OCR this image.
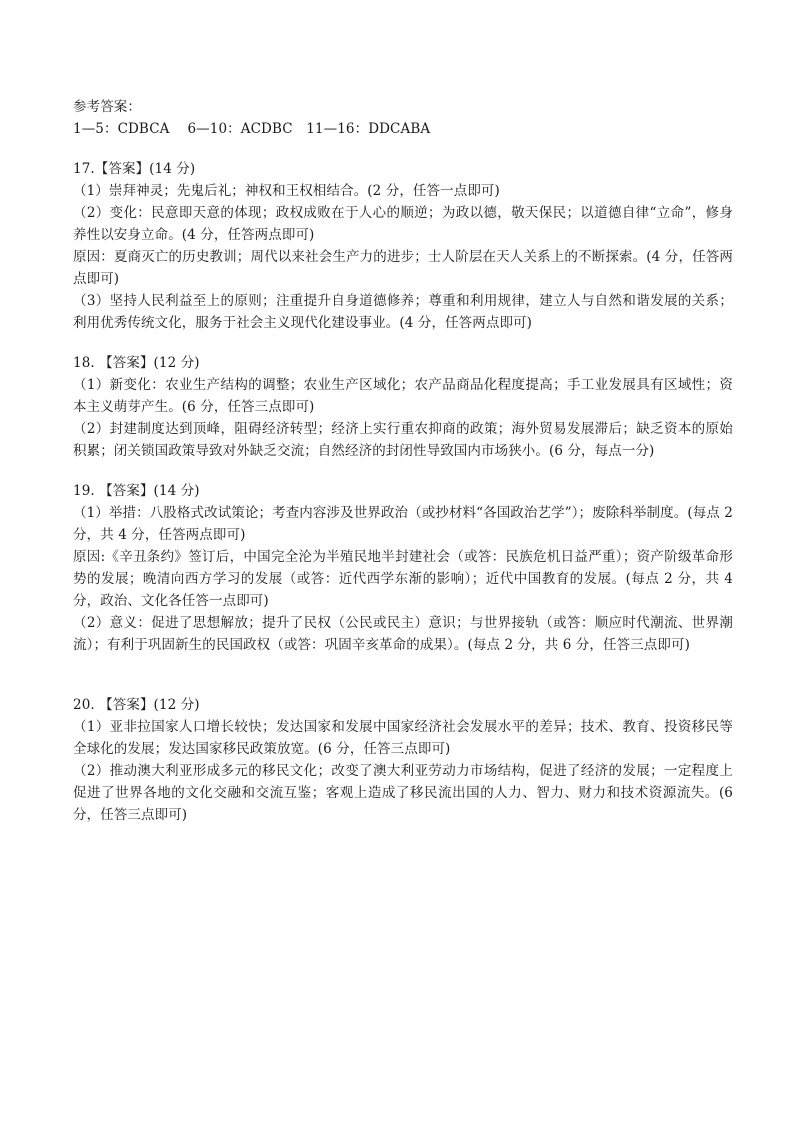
参考答案：
1—5：CDBCA　 6—10：ACDBC　11—16：DDCABA
17.【答案】(14 分)
（1）崇拜神灵；先鬼后礼；神权和王权相结合。(2 分，任答一点即可)
（2）变化：民意即天意的体现；政权成败在于人心的顺逆；为政以德，敬天保民；以道德自律“立命”，修身养性以安身立命。(4 分，任答两点即可)
原因：夏商灭亡的历史教训；周代以来社会生产力的进步；士人阶层在天人关系上的不断探索。(4 分，任答两点即可)
（3）坚持人民利益至上的原则；注重提升自身道德修养；尊重和利用规律，建立人与自然和谐发展的关系；利用优秀传统文化，服务于社会主义现代化建设事业。(4 分，任答两点即可)
18. 【答案】(12 分)
（1）新变化：农业生产结构的调整；农业生产区域化；农产品商品化程度提高；手工业发展具有区域性；资本主义萌芽产生。(6 分，任答三点即可)
（2）封建制度达到顶峰，阻碍经济转型；经济上实行重农抑商的政策；海外贸易发展滞后；缺乏资本的原始积累；闭关锁国政策导致对外缺乏交流；自然经济的封闭性导致国内市场狭小。(6 分，每点一分)
19. 【答案】(14 分)
（1）举措：八股格式改试策论；考查内容涉及世界政治（或抄材料“各国政治艺学”）；废除科举制度。(每点 2 分，共 4 分，任答两点即可)
原因:《辛丑条约》签订后，中国完全沦为半殖民地半封建社会（或答：民族危机日益严重）；资产阶级革命形势的发展；晚清向西方学习的发展（或答：近代西学东渐的影响）；近代中国教育的发展。(每点 2 分，共 4 分，政治、文化各任答一点即可)
（2）意义：促进了思想解放；提升了民权（公民或民主）意识；与世界接轨（或答：顺应时代潮流、世界潮流）；有利于巩固新生的民国政权（或答：巩固辛亥革命的成果）。(每点 2 分，共 6 分，任答三点即可)
20. 【答案】(12 分)
（1）亚非拉国家人口增长较快；发达国家和发展中国家经济社会发展水平的差异；技术、教育、投资移民等全球化的发展；发达国家移民政策放宽。(6 分，任答三点即可)
（2）推动澳大利亚形成多元的移民文化；改变了澳大利亚劳动力市场结构，促进了经济的发展；一定程度上促进了世界各地的文化交融和交流互鉴；客观上造成了移民流出国的人力、智力、财力和技术资源流失。(6 分，任答三点即可)
